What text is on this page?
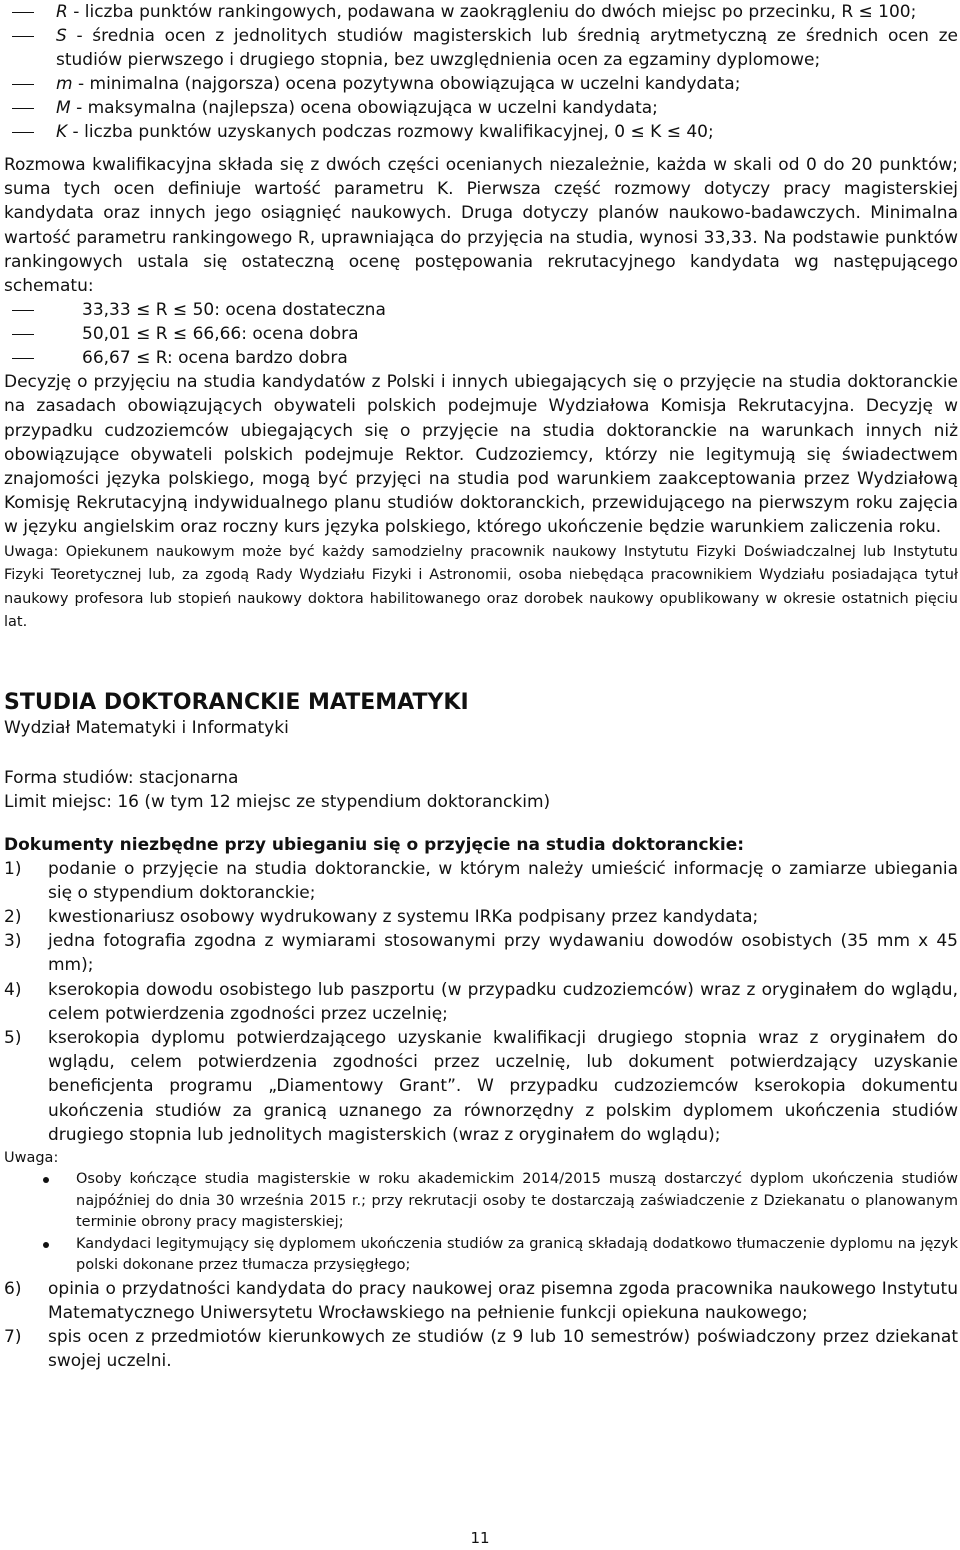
R - liczba punktów rankingowych, podawana w zaokrągleniu do dwóch miejsc po przecinku, R ≤ 100;
S - średnia ocen z jednolitych studiów magisterskich lub średnią arytmetyczną ze średnich ocen ze studiów pierwszego i drugiego stopnia, bez uwzględnienia ocen za egzaminy dyplomowe;
m - minimalna (najgorsza) ocena pozytywna obowiązująca w uczelni kandydata;
M - maksymalna (najlepsza) ocena obowiązująca w uczelni kandydata;
K - liczba punktów uzyskanych podczas rozmowy kwalifikacyjnej, 0 ≤ K ≤ 40;
Rozmowa kwalifikacyjna składa się z dwóch części ocenianych niezależnie, każda w skali od 0 do 20 punktów; suma tych ocen definiuje wartość parametru K. Pierwsza część rozmowy dotyczy pracy magisterskiej kandydata oraz innych jego osiągnięć naukowych. Druga dotyczy planów naukowo-badawczych. Minimalna wartość parametru rankingowego R, uprawniająca do przyjęcia na studia, wynosi 33,33. Na podstawie punktów rankingowych ustala się ostateczną ocenę postępowania rekrutacyjnego kandydata wg następującego schematu:
33,33 ≤ R ≤ 50: ocena dostateczna
50,01 ≤ R ≤ 66,66: ocena dobra
66,67 ≤ R: ocena bardzo dobra
Decyzję o przyjęciu na studia kandydatów z Polski i innych ubiegających się o przyjęcie na studia doktoranckie na zasadach obowiązujących obywateli polskich podejmuje Wydziałowa Komisja Rekrutacyjna. Decyzję w przypadku cudzoziemców ubiegających się o przyjęcie na studia doktoranckie na warunkach innych niż obowiązujące obywateli polskich podejmuje Rektor. Cudzoziemcy, którzy nie legitymują się świadectwem znajomości języka polskiego, mogą być przyjęci na studia pod warunkiem zaakceptowania przez Wydziałową Komisję Rekrutacyjną indywidualnego planu studiów doktoranckich, przewidującego na pierwszym roku zajęcia w języku angielskim oraz roczny kurs języka polskiego, którego ukończenie będzie warunkiem zaliczenia roku.
Uwaga: Opiekunem naukowym może być każdy samodzielny pracownik naukowy Instytutu Fizyki Doświadczalnej lub Instytutu Fizyki Teoretycznej lub, za zgodą Rady Wydziału Fizyki i Astronomii, osoba niebędąca pracownikiem Wydziału posiadająca tytuł naukowy profesora lub stopień naukowy doktora habilitowanego oraz dorobek naukowy opublikowany w okresie ostatnich pięciu lat.
STUDIA DOKTORANCKIE MATEMATYKI
Wydział Matematyki i Informatyki
Forma studiów: stacjonarna
Limit miejsc: 16 (w tym 12 miejsc ze stypendium doktoranckim)
Dokumenty niezbędne przy ubieganiu się o przyjęcie na studia doktoranckie:
1)	podanie o przyjęcie na studia doktoranckie, w którym należy umieścić informację o zamiarze ubiegania się o stypendium doktoranckie;
2)	kwestionariusz osobowy wydrukowany z systemu IRKa podpisany przez kandydata;
3)	jedna fotografia zgodna z wymiarami stosowanymi przy wydawaniu dowodów osobistych (35 mm x 45 mm);
4)	kserokopia dowodu osobistego lub paszportu (w przypadku cudzoziemców) wraz z oryginałem do wglądu, celem potwierdzenia zgodności przez uczelnię;
5)	kserokopia dyplomu potwierdzającego uzyskanie kwalifikacji drugiego stopnia wraz z oryginałem do wglądu, celem potwierdzenia zgodności przez uczelnię, lub dokument potwierdzający uzyskanie beneficjenta programu „Diamentowy Grant”. W przypadku cudzoziemców kserokopia dokumentu ukończenia studiów za granicą uznanego za równorzędny z polskim dyplomem ukończenia studiów drugiego stopnia lub jednolitych magisterskich (wraz z oryginałem do wglądu);
Uwaga:
Osoby kończące studia magisterskie w roku akademickim 2014/2015 muszą dostarczyć dyplom ukończenia studiów najpóźniej do dnia 30 września 2015 r.; przy rekrutacji osoby te dostarczają zaświadczenie z Dziekanatu o planowanym terminie obrony pracy magisterskiej;
Kandydaci legitymujący się dyplomem ukończenia studiów za granicą składają dodatkowo tłumaczenie dyplomu na język polski dokonane przez tłumacza przysięgłego;
6)	opinia o przydatności kandydata do pracy naukowej oraz pisemna zgoda pracownika naukowego Instytutu Matematycznego Uniwersytetu Wrocławskiego na pełnienie funkcji opiekuna naukowego;
7)	spis ocen z przedmiotów kierunkowych ze studiów (z 9 lub 10 semestrów) poświadczony przez dziekanat swojej uczelni.
11
